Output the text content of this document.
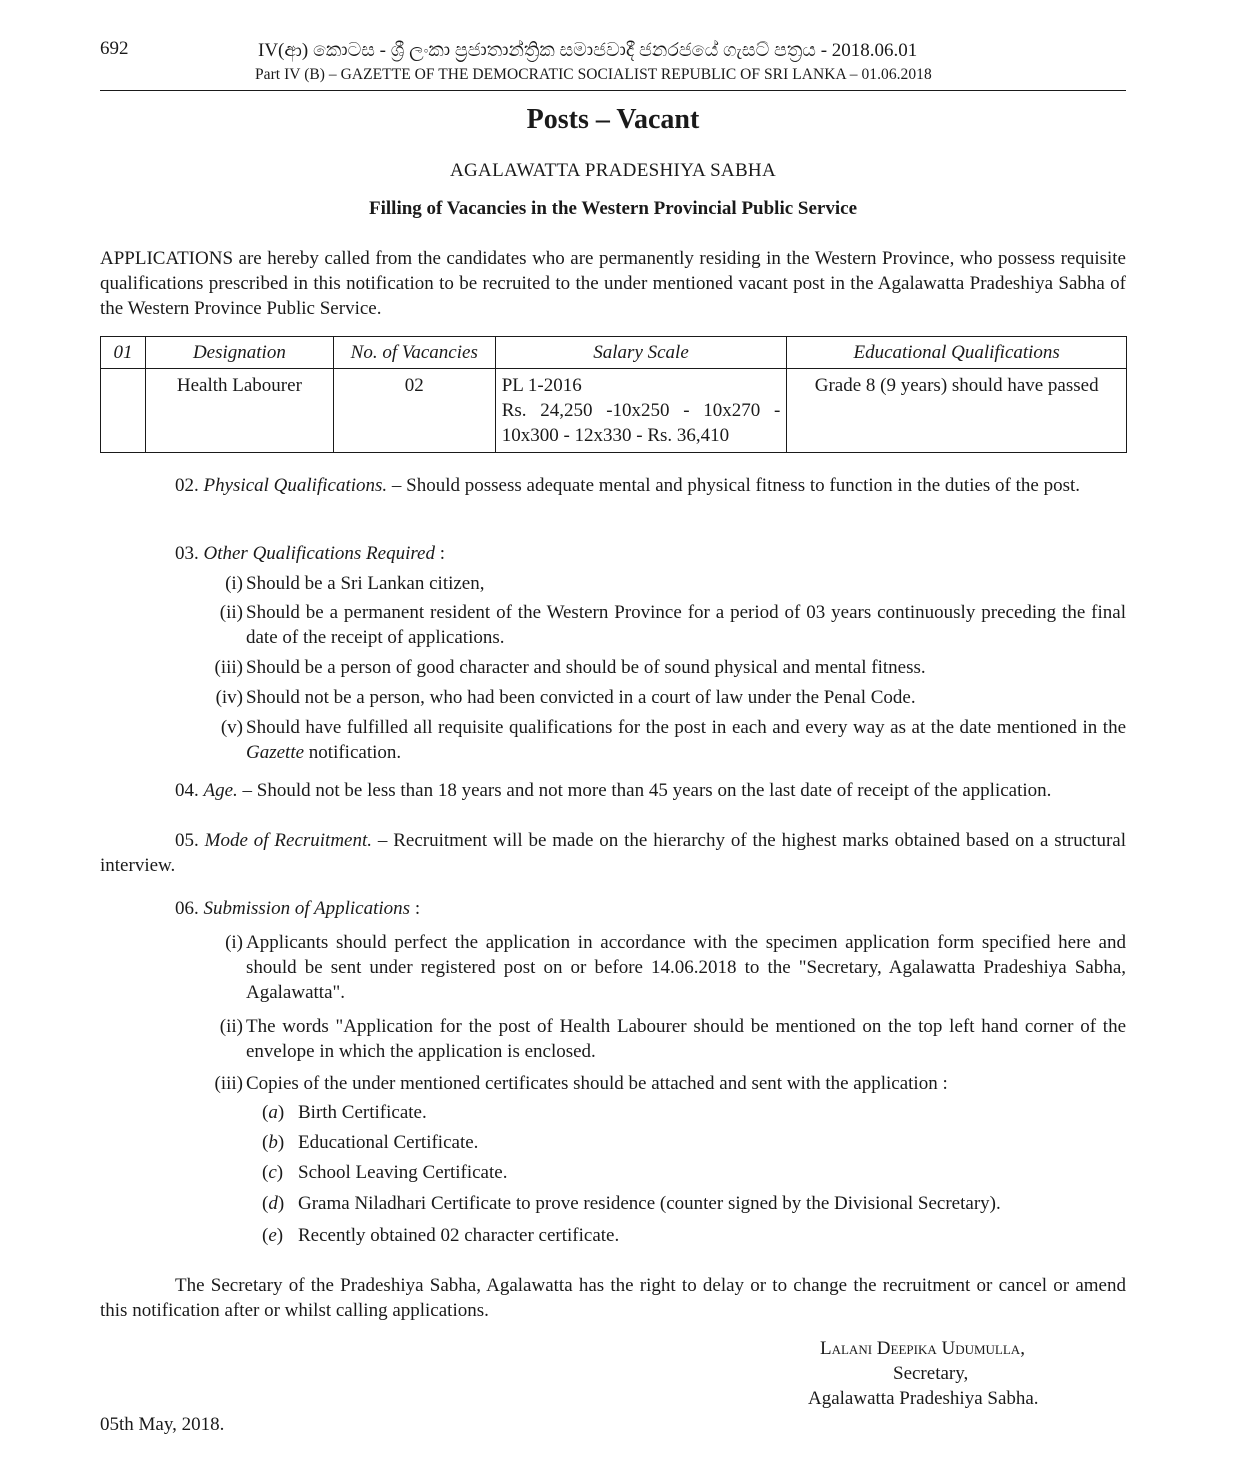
692	IV(ආ) කොටස - ශ්‍රී ලංකා ප්‍රජාතාන්ත්‍රික සමාජවාදී ජනරජයේ ගැසට් පත්‍රය - 2018.06.01
Part IV (B) – GAZETTE OF THE DEMOCRATIC SOCIALIST REPUBLIC OF SRI LANKA – 01.06.2018
Posts – Vacant
AGALAWATTA PRADESHIYA SABHA
Filling of Vacancies in the Western Provincial Public Service

APPLICATIONS are hereby called from the candidates who are permanently residing in the Western Province, who possess requisite qualifications prescribed in this notification to be recruited to the under mentioned vacant post in the Agalawatta Pradeshiya Sabha of the Western Province Public Service.

01	Designation	No. of Vacancies	Salary Scale	Educational Qualifications
	Health Labourer	02	PL 1-2016
Rs. 24,250 -10x250 - 10x270 -
10x300 - 12x330 - Rs. 36,410	Grade 8 (9 years) should have passed

02. Physical Qualifications. – Should possess adequate mental and physical fitness to function in the duties of the post.

03. Other Qualifications Required :
(i) Should be a Sri Lankan citizen,
(ii) Should be a permanent resident of the Western Province for a period of 03 years continuously preceding the final date of the receipt of applications.
(iii) Should be a person of good character and should be of sound physical and mental fitness.
(iv) Should not be a person, who had been convicted in a court of law under the Penal Code.
(v) Should have fulfilled all requisite qualifications for the post in each and every way as at the date mentioned in the Gazette notification.

04. Age. – Should not be less than 18 years and not more than 45 years on the last date of receipt of the application.

05. Mode of Recruitment. – Recruitment will be made on the hierarchy of the highest marks obtained based on a structural interview.

06. Submission of Applications :
(i) Applicants should perfect the application in accordance with the specimen application form specified here and should be sent under registered post on or before 14.06.2018 to the "Secretary, Agalawatta Pradeshiya Sabha, Agalawatta".
(ii) The words "Application for the post of Health Labourer should be mentioned on the top left hand corner of the envelope in which the application is enclosed.
(iii) Copies of the under mentioned certificates should be attached and sent with the application :
(a) Birth Certificate.
(b) Educational Certificate.
(c) School Leaving Certificate.
(d) Grama Niladhari Certificate to prove residence (counter signed by the Divisional Secretary).
(e) Recently obtained 02 character certificate.

The Secretary of the Pradeshiya Sabha, Agalawatta has the right to delay or to change the recruitment or cancel or amend this notification after or whilst calling applications.

Lalani Deepika Udumulla,
Secretary,
Agalawatta Pradeshiya Sabha.
05th May, 2018.
